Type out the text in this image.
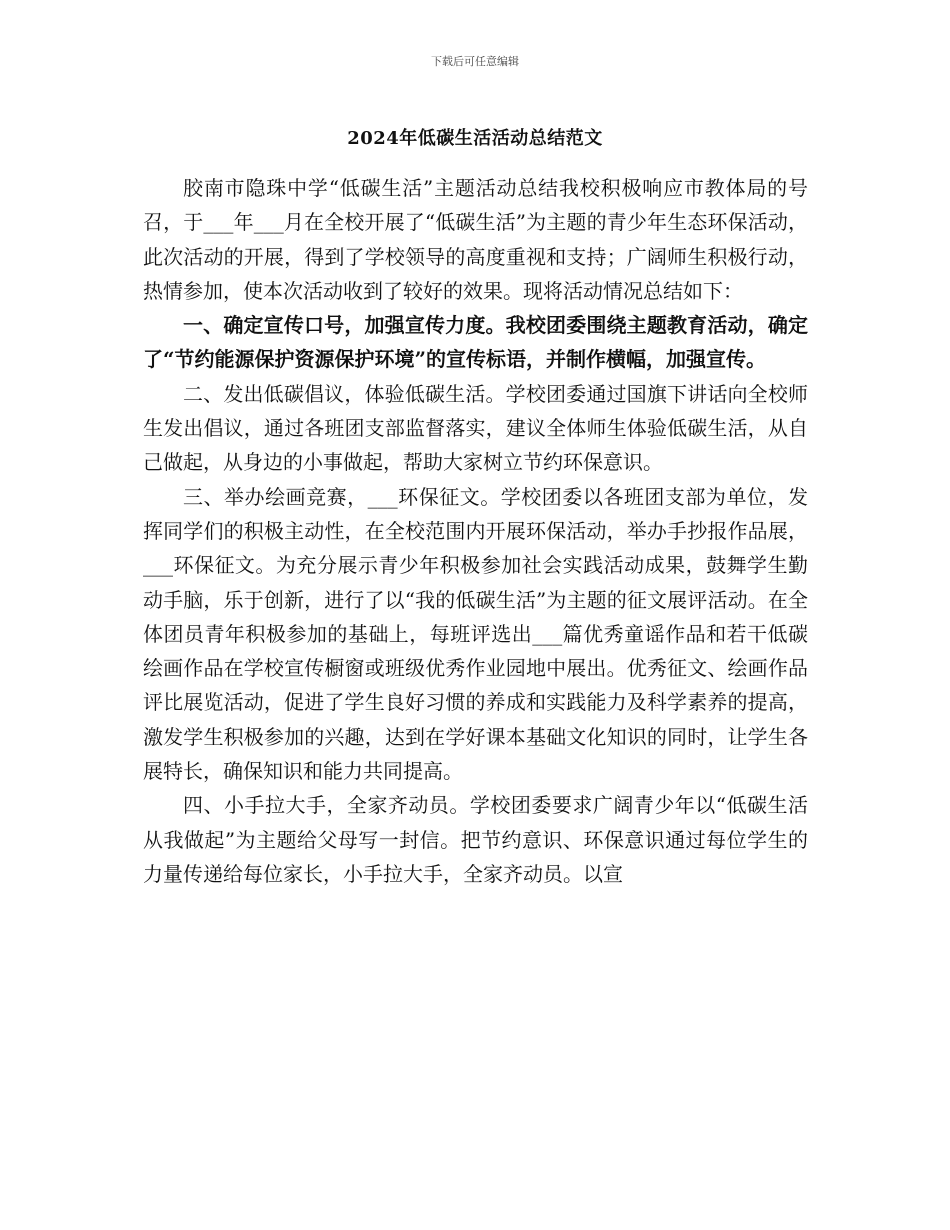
下载后可任意编辑
2024年低碳生活活动总结范文

胶南市隐珠中学“低碳生活”主题活动总结我校积极响应市教体局的号召，于___年___月在全校开展了“低碳生活”为主题的青少年生态环保活动，此次活动的开展，得到了学校领导的高度重视和支持；广阔师生积极行动，热情参加，使本次活动收到了较好的效果。现将活动情况总结如下：

一、确定宣传口号，加强宣传力度。我校团委围绕主题教育活动，确定了“节约能源保护资源保护环境”的宣传标语，并制作横幅，加强宣传。

二、发出低碳倡议，体验低碳生活。学校团委通过国旗下讲话向全校师生发出倡议，通过各班团支部监督落实，建议全体师生体验低碳生活，从自己做起，从身边的小事做起，帮助大家树立节约环保意识。

三、举办绘画竞赛，___环保征文。学校团委以各班团支部为单位，发挥同学们的积极主动性，在全校范围内开展环保活动，举办手抄报作品展，___环保征文。为充分展示青少年积极参加社会实践活动成果，鼓舞学生勤动手脑，乐于创新，进行了以“我的低碳生活”为主题的征文展评活动。在全体团员青年积极参加的基础上，每班评选出___篇优秀童谣作品和若干低碳绘画作品在学校宣传橱窗或班级优秀作业园地中展出。优秀征文、绘画作品评比展览活动，促进了学生良好习惯的养成和实践能力及科学素养的提高，激发学生积极参加的兴趣，达到在学好课本基础文化知识的同时，让学生各展特长，确保知识和能力共同提高。

四、小手拉大手，全家齐动员。学校团委要求广阔青少年以“低碳生活从我做起”为主题给父母写一封信。把节约意识、环保意识通过每位学生的力量传递给每位家长，小手拉大手，全家齐动员。以宣
